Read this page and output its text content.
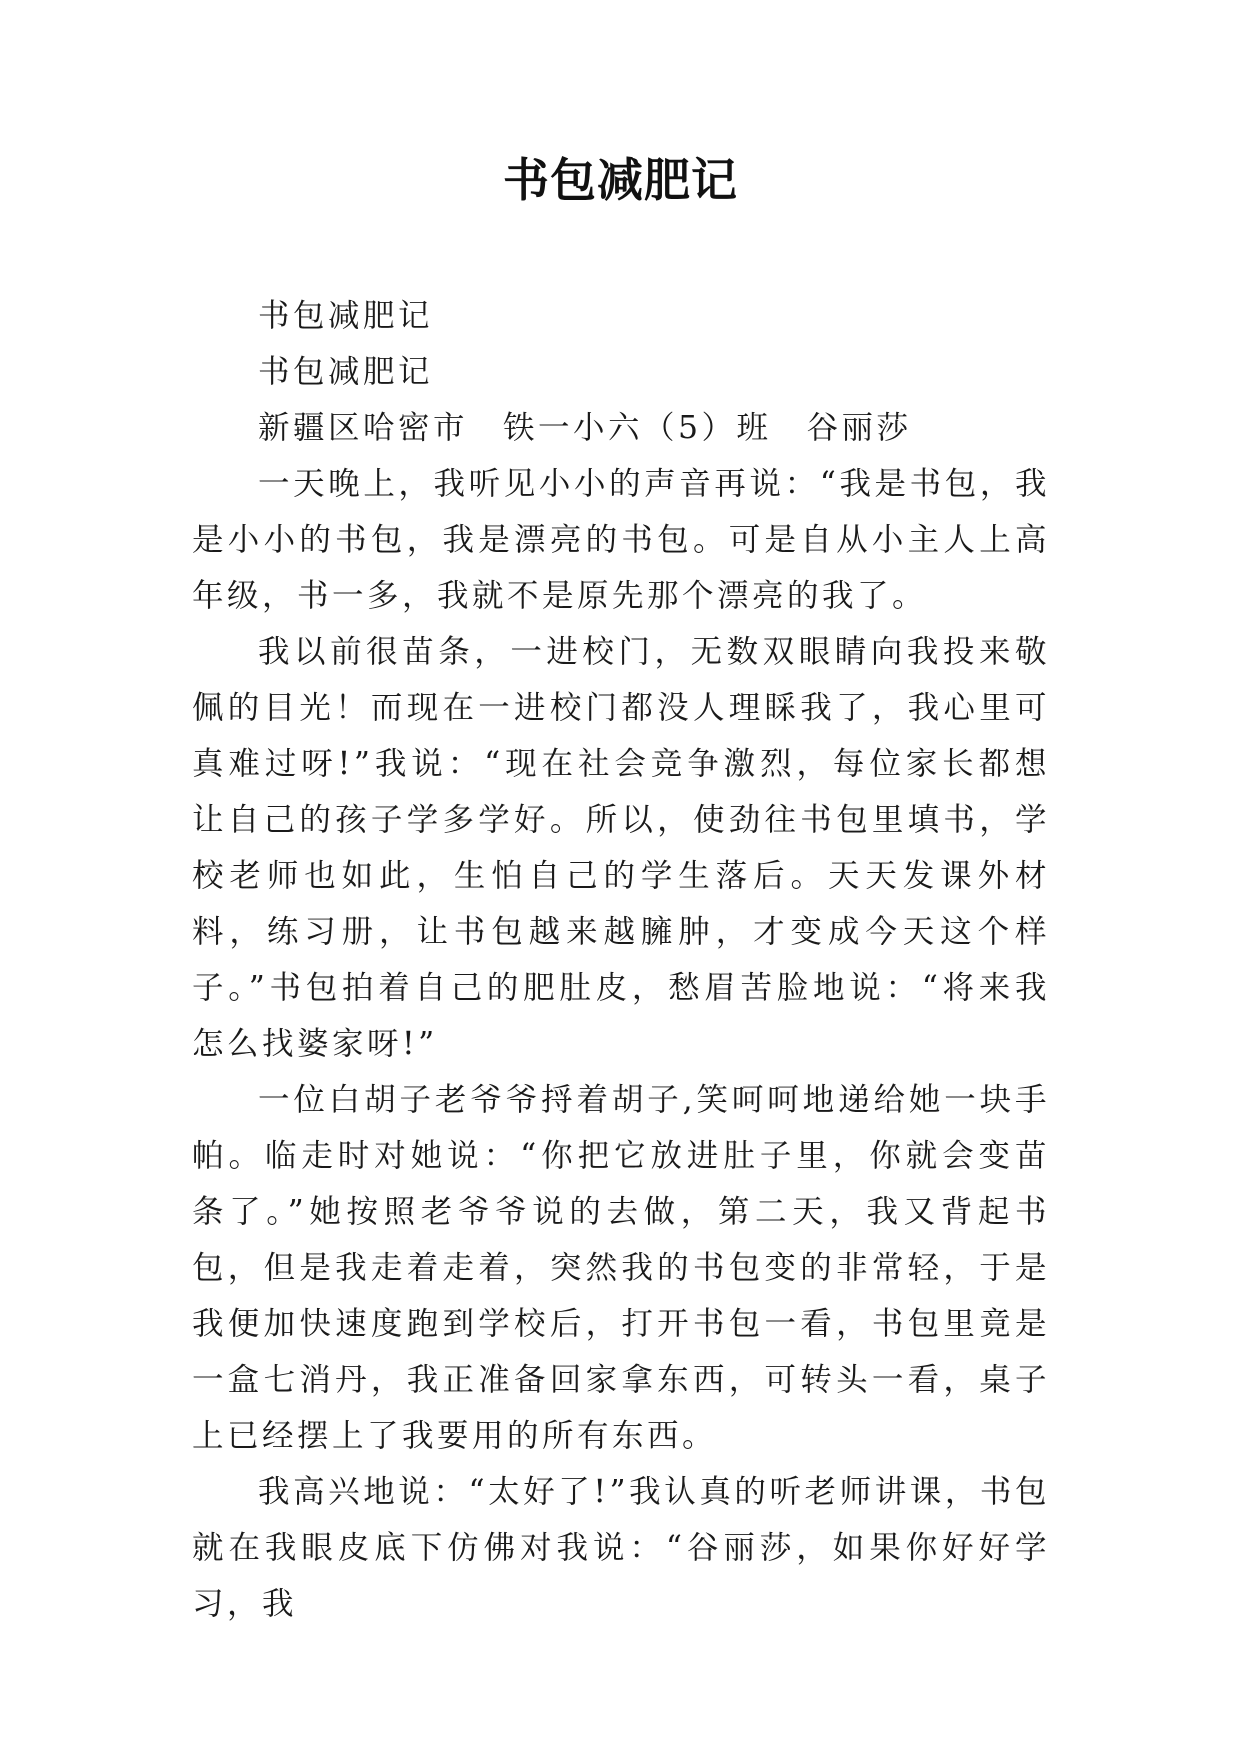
书包减肥记

书包减肥记

书包减肥记

新疆区哈密市　铁一小六（5）班　谷丽莎

一天晚上，我听见小小的声音再说：“我是书包，我是小小的书包，我是漂亮的书包。可是自从小主人上高年级，书一多，我就不是原先那个漂亮的我了。

我以前很苗条，一进校门，无数双眼睛向我投来敬佩的目光！而现在一进校门都没人理睬我了，我心里可真难过呀!”我说：“现在社会竞争激烈，每位家长都想让自己的孩子学多学好。所以，使劲往书包里填书，学校老师也如此，生怕自己的学生落后。天天发课外材料，练习册，让书包越来越臃肿，才变成今天这个样子。”书包拍着自己的肥肚皮，愁眉苦脸地说：“将来我怎么找婆家呀!”

一位白胡子老爷爷捋着胡子,笑呵呵地递给她一块手帕。临走时对她说：“你把它放进肚子里，你就会变苗条了。”她按照老爷爷说的去做，第二天，我又背起书包，但是我走着走着，突然我的书包变的非常轻，于是我便加快速度跑到学校后，打开书包一看，书包里竟是一盒七消丹，我正准备回家拿东西，可转头一看，桌子上已经摆上了我要用的所有东西。

我高兴地说：“太好了!”我认真的听老师讲课，书包就在我眼皮底下仿佛对我说：“谷丽莎，如果你好好学习，我
